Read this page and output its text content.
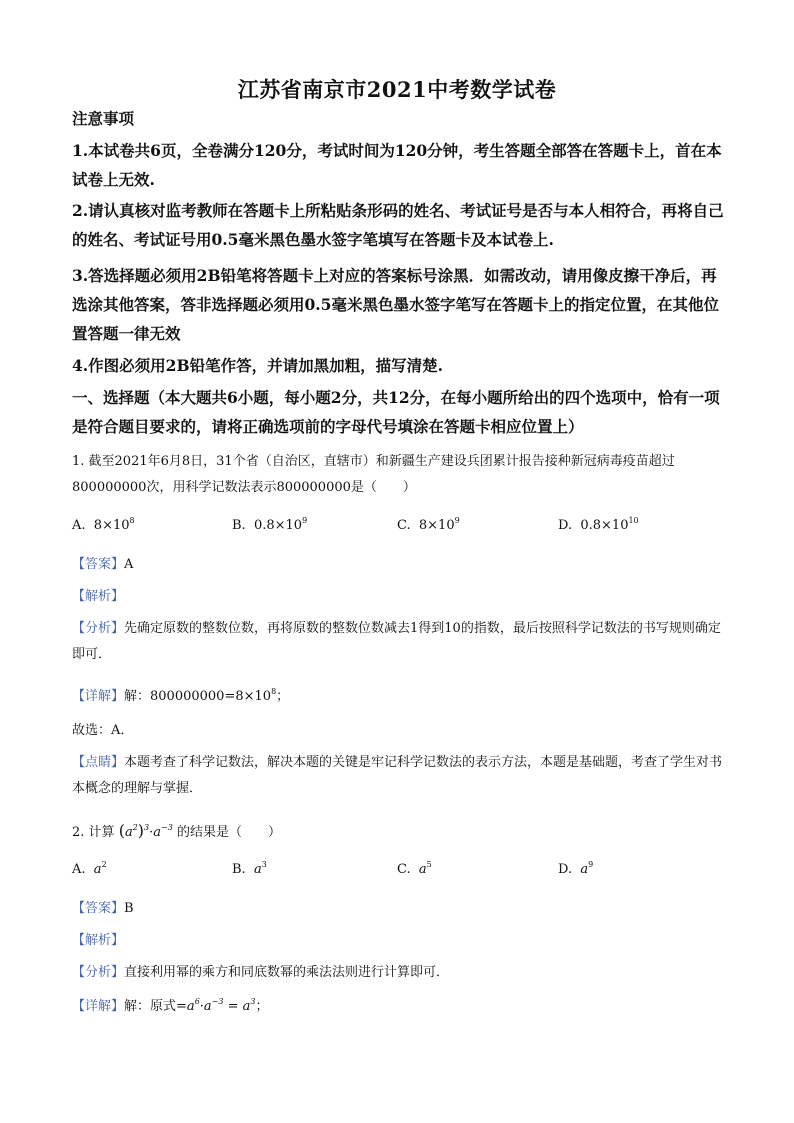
江苏省南京市2021中考数学试卷
注意事项
1.本试卷共6页，全卷满分120分，考试时间为120分钟，考生答题全部答在答题卡上，首在本试卷上无效.
2.请认真核对监考教师在答题卡上所粘贴条形码的姓名、考试证号是否与本人相符合，再将自己的姓名、考试证号用0.5毫米黑色墨水签字笔填写在答题卡及本试卷上.
3.答选择题必须用2B铅笔将答题卡上对应的答案标号涂黑．如需改动，请用像皮擦干净后，再选涂其他答案，答非选择题必须用0.5毫米黑色墨水签字笔写在答题卡上的指定位置，在其他位置答题一律无效
4.作图必须用2B铅笔作答，并请加黑加粗，描写清楚.
一、选择题（本大题共6小题，每小题2分，共12分，在每小题所给出的四个选项中，恰有一项是符合题目要求的，请将正确选项前的字母代号填涂在答题卡相应位置上）
1. 截至2021年6月8日，31个省（自治区，直辖市）和新疆生产建设兵团累计报告接种新冠病毒疫苗超过800000000次，用科学记数法表示800000000是（　　）
A.  $8\times 10^8$	B.  $0.8\times 10^9$	C.  $8\times 10^9$	D.  $0.8\times 10^{10}$
【答案】A
【解析】
【分析】先确定原数的整数位数，再将原数的整数位数减去1得到10的指数，最后按照科学记数法的书写规则确定即可．
【详解】解：$800000000=8\times 10^8$；
故选：A．
【点睛】本题考查了科学记数法，解决本题的关键是牢记科学记数法的表示方法，本题是基础题，考查了学生对书本概念的理解与掌握．
2. 计算 $(a^2)^3\cdot a^{-3}$ 的结果是（　　）
A. $a^2$	B. $a^3$	C. $a^5$	D. $a^9$
【答案】B
【解析】
【分析】直接利用幂的乘方和同底数幂的乘法法则进行计算即可．
【详解】解：原式$=a^6\cdot a^{-3} = a^3$；
